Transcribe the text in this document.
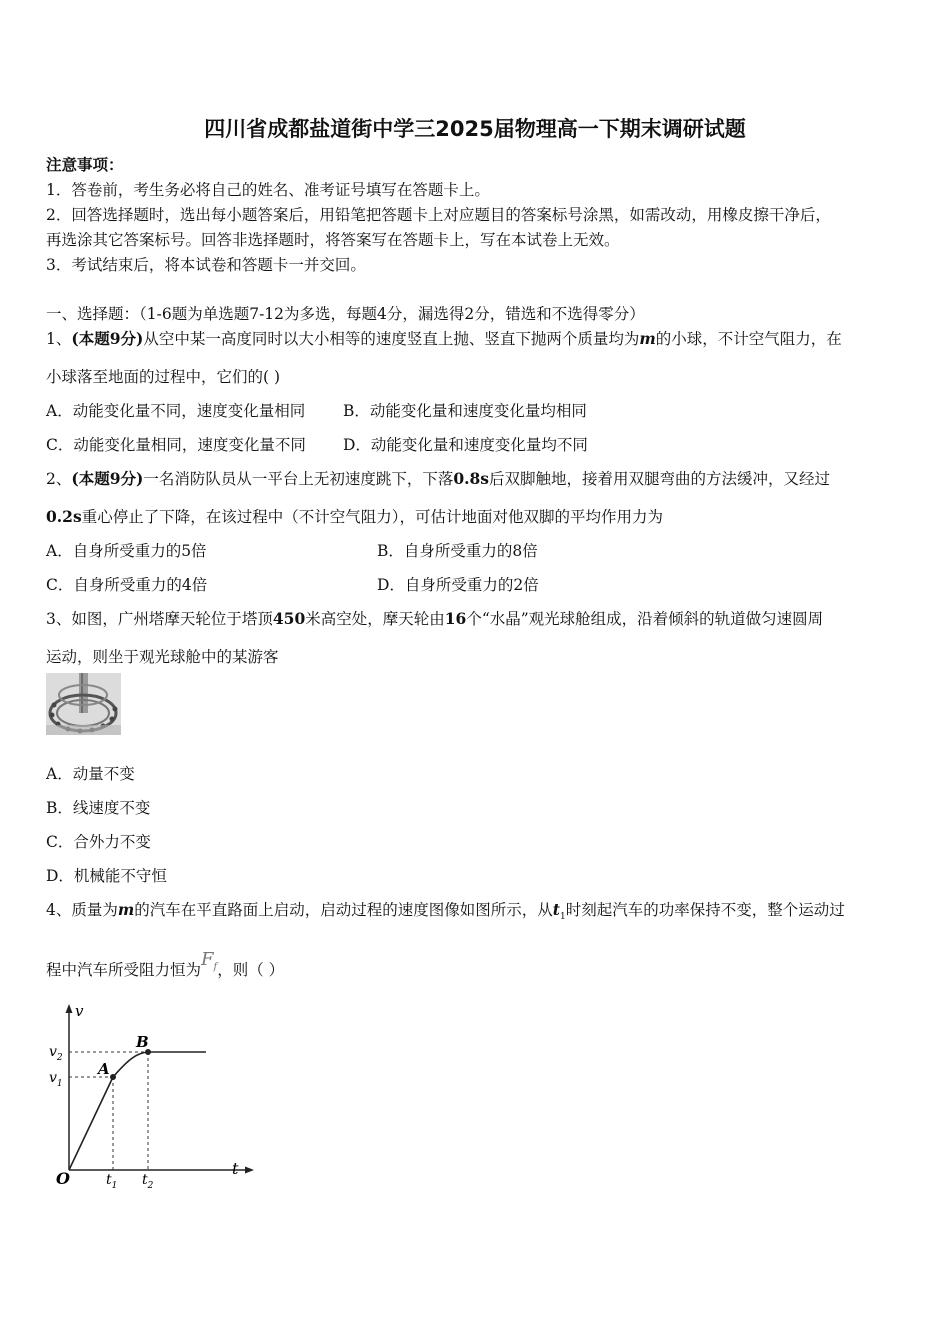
四川省成都盐道街中学三2025届物理高一下期末调研试题
注意事项：
1．答卷前，考生务必将自己的姓名、准考证号填写在答题卡上。
2．回答选择题时，选出每小题答案后，用铅笔把答题卡上对应题目的答案标号涂黑，如需改动，用橡皮擦干净后，
再选涂其它答案标号。回答非选择题时，将答案写在答题卡上，写在本试卷上无效。
3．考试结束后，将本试卷和答题卡一并交回。
一、选择题：（1-6题为单选题7-12为多选，每题4分，漏选得2分，错选和不选得零分）
1、(本题9分)从空中某一高度同时以大小相等的速度竖直上抛、竖直下抛两个质量均为m的小球，不计空气阻力，在
小球落至地面的过程中，它们的( )
A．动能变化量不同，速度变化量相同 B．动能变化量和速度变化量均相同
C．动能变化量相同，速度变化量不同 D．动能变化量和速度变化量均不同
2、(本题9分)一名消防队员从一平台上无初速度跳下，下落0.8s后双脚触地，接着用双腿弯曲的方法缓冲，又经过
0.2s重心停止了下降，在该过程中（不计空气阻力），可估计地面对他双脚的平均作用力为
A．自身所受重力的5倍	B．自身所受重力的8倍
C．自身所受重力的4倍	D．自身所受重力的2倍
3、如图，广州塔摩天轮位于塔顶450米高空处，摩天轮由16个“水晶”观光球舱组成，沿着倾斜的轨道做匀速圆周
运动，则坐于观光球舱中的某游客
A．动量不变
B．线速度不变
C．合外力不变
D．机械能不守恒
4、质量为m的汽车在平直路面上启动，启动过程的速度图像如图所示，从$t_1$时刻起汽车的功率保持不变，整个运动过
程中汽车所受阻力恒为$F_f$，则（ ）
v
t
O
$v_1$
$v_2$
$t_1$ $t_2$
A
B
